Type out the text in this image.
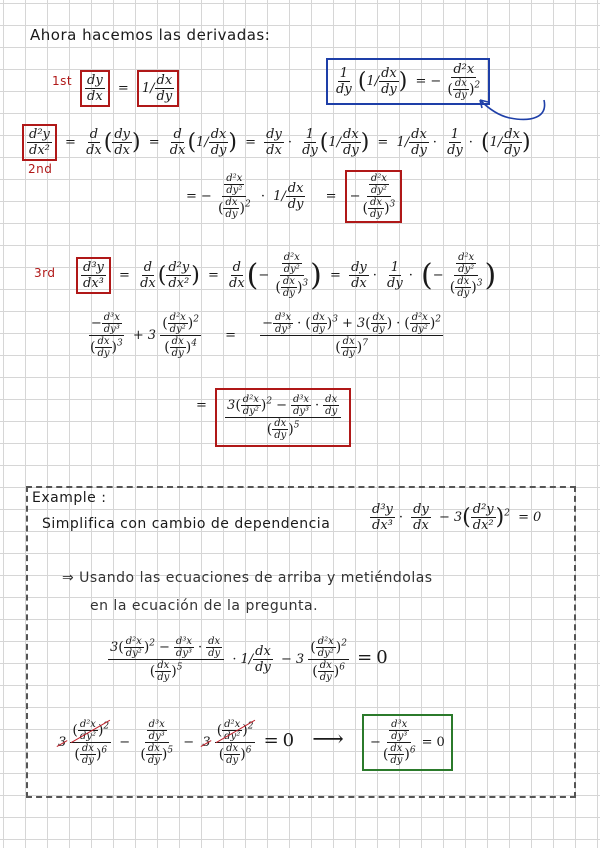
Ahora hacemos las derivadas:
$1st \frac{dy}{dx} = 1/ \frac{dx}{dy}$	$\frac{1}{dy} (1/ \frac{dx}{dy}$ ) = − $\frac{\text{d²x}}{( \frac{dx}{dy} )^2}$
$\frac{\text{d²y}}{\text{dx²}} = \frac{d}{dx}$ ( $\frac{dy}{dx}$ ) = $\frac{d}{dx} (1/ \frac{dx}{dy}$ ) = $\frac{dy}{dx} \cdot \frac{1}{dy} (1/ \frac{dx}{dy}$ ) = $1/ \frac{dx}{dy} \cdot \frac{1}{dy} \cdot (1/ \frac{dx}{dy}$ )
2nd
= − $\frac{\frac{\text{d²x}}{\text{dy²}}}{( \frac{dx}{dy} )^2} \cdot 1/ \frac{dx}{dy}$ = − $\frac{\frac{\text{d²x}}{\text{dy²}}}{( \frac{dx}{dy} )^3}$
$3rd \frac{\text{d³y}}{\text{dx³}} = \frac{d}{dx}$ ( $\frac{\text{d²y}}{\text{dx²}}$ ) = $\frac{d}{dx}$ (− $\frac{\frac{\text{d²x}}{\text{dy²}}}{( \frac{dx}{dy} )^3}$ ) = $\frac{dy}{dx} \cdot \frac{1}{dy}$ · (− $\frac{\frac{\text{d²x}}{\text{dy²}}}{( \frac{dx}{dy} )^3}$ )
$\frac{- \frac{\text{d³x}}{\text{dy³}}}{( \frac{dx}{dy} )^3} + 3 \frac{( \frac{\text{d²x}}{\text{dy²}} )^2}{( \frac{dx}{dy} )^4} = \frac{- \frac{\text{d³x}}{\text{dy³}} \cdot ( \frac{dx}{dy} )^3 + 3( \frac{dx}{dy} ) \cdot ( \frac{\text{d²x}}{\text{dy²}} )^2}{( \frac{dx}{dy} )^7}$
= $\frac{3( \frac{\text{d²x}}{\text{dy²}} )^2 - \frac{\text{d³x}}{\text{dy³}} \cdot \frac{dx}{dy}}{( \frac{dx}{dy} )^5}$
Example :
Simplifica con cambio de dependencia	$\frac{\text{d³y}}{\text{dx³}} \cdot \frac{dy}{dx} - 3( \frac{\text{d²y}}{\text{dx²}} )^2 = 0$
⇒ Usando las ecuaciones de arriba y metiéndolas
en la ecuación de la pregunta.
$\frac{3( \frac{\text{d²x}}{\text{dy²}} )^2 - \frac{\text{d³x}}{\text{dy³}} \cdot \frac{dx}{dy}}{( \frac{dx}{dy} )^5} \cdot 1/ \frac{dx}{dy} - 3 \frac{( \frac{\text{d²x}}{\text{dy²}} )^2}{( \frac{dx}{dy} )^6} = 0$
$3 \frac{( \frac{\text{d²x}}{\text{dy²}} )^2}{( \frac{dx}{dy} )^6} - \frac{\frac{\text{d³x}}{\text{dy³}}}{( \frac{dx}{dy} )^5} - 3 \frac{( \frac{\text{d²x}}{\text{dy²}} )^2}{( \frac{dx}{dy} )^6} = 0$ ⟶ − $\frac{\frac{\text{d³x}}{\text{dy³}}}{( \frac{dx}{dy} )^6} = 0$
